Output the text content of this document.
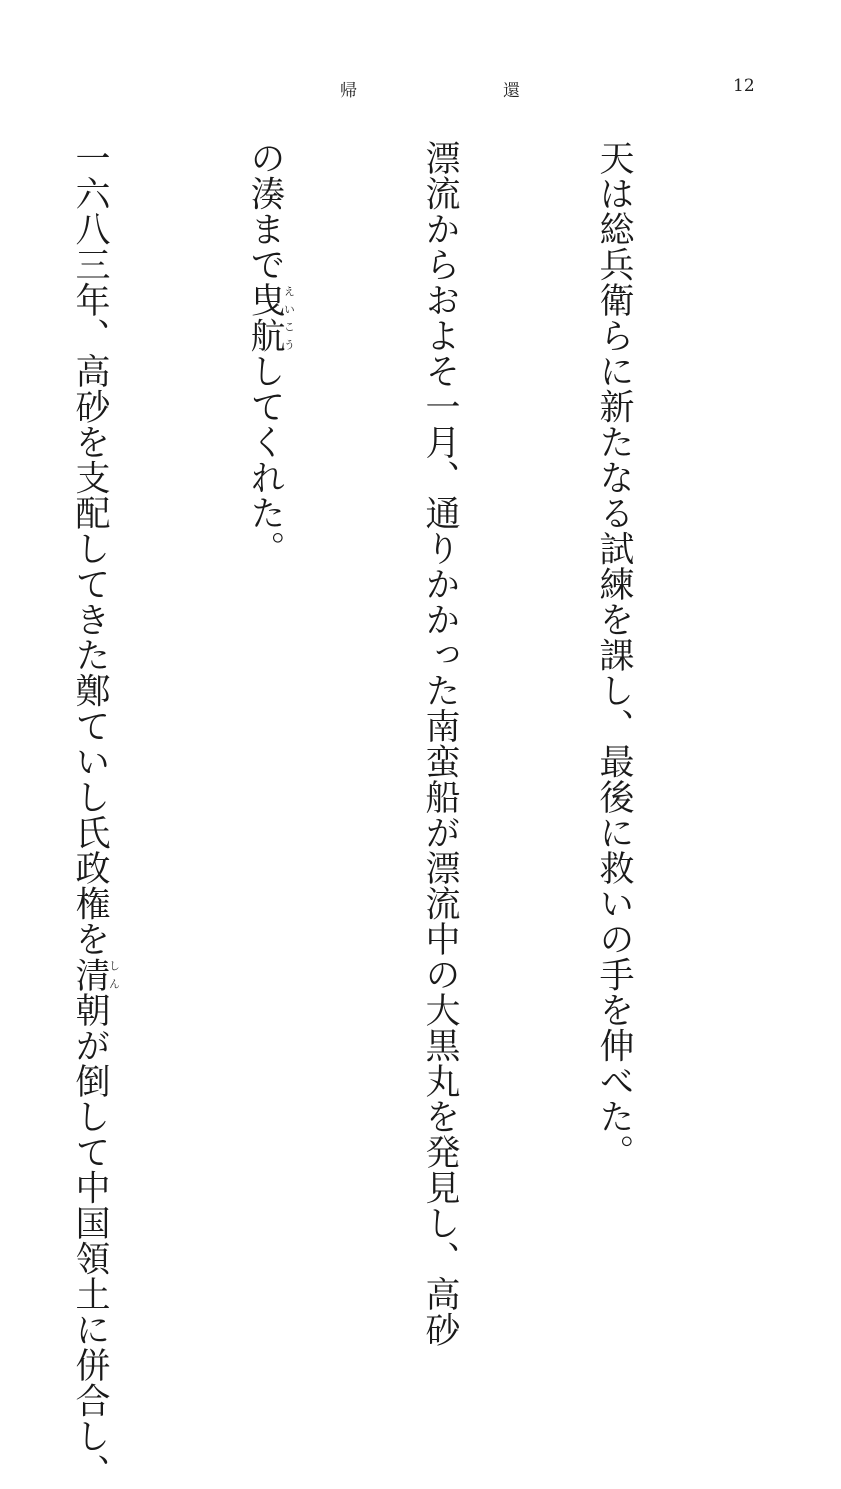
帰	還	12

天は総兵衛らに新たなる試練を課し、最後に救いの手を伸べた。

漂流からおよそ一月、通りかかった南蛮船が漂流中の大黒丸を発見し、高砂

の湊まで曳航えいこうしてくれた。

一六八三年、高砂を支配してきた鄭ていし氏政権を清しん朝が倒して中国領土に併合し、
